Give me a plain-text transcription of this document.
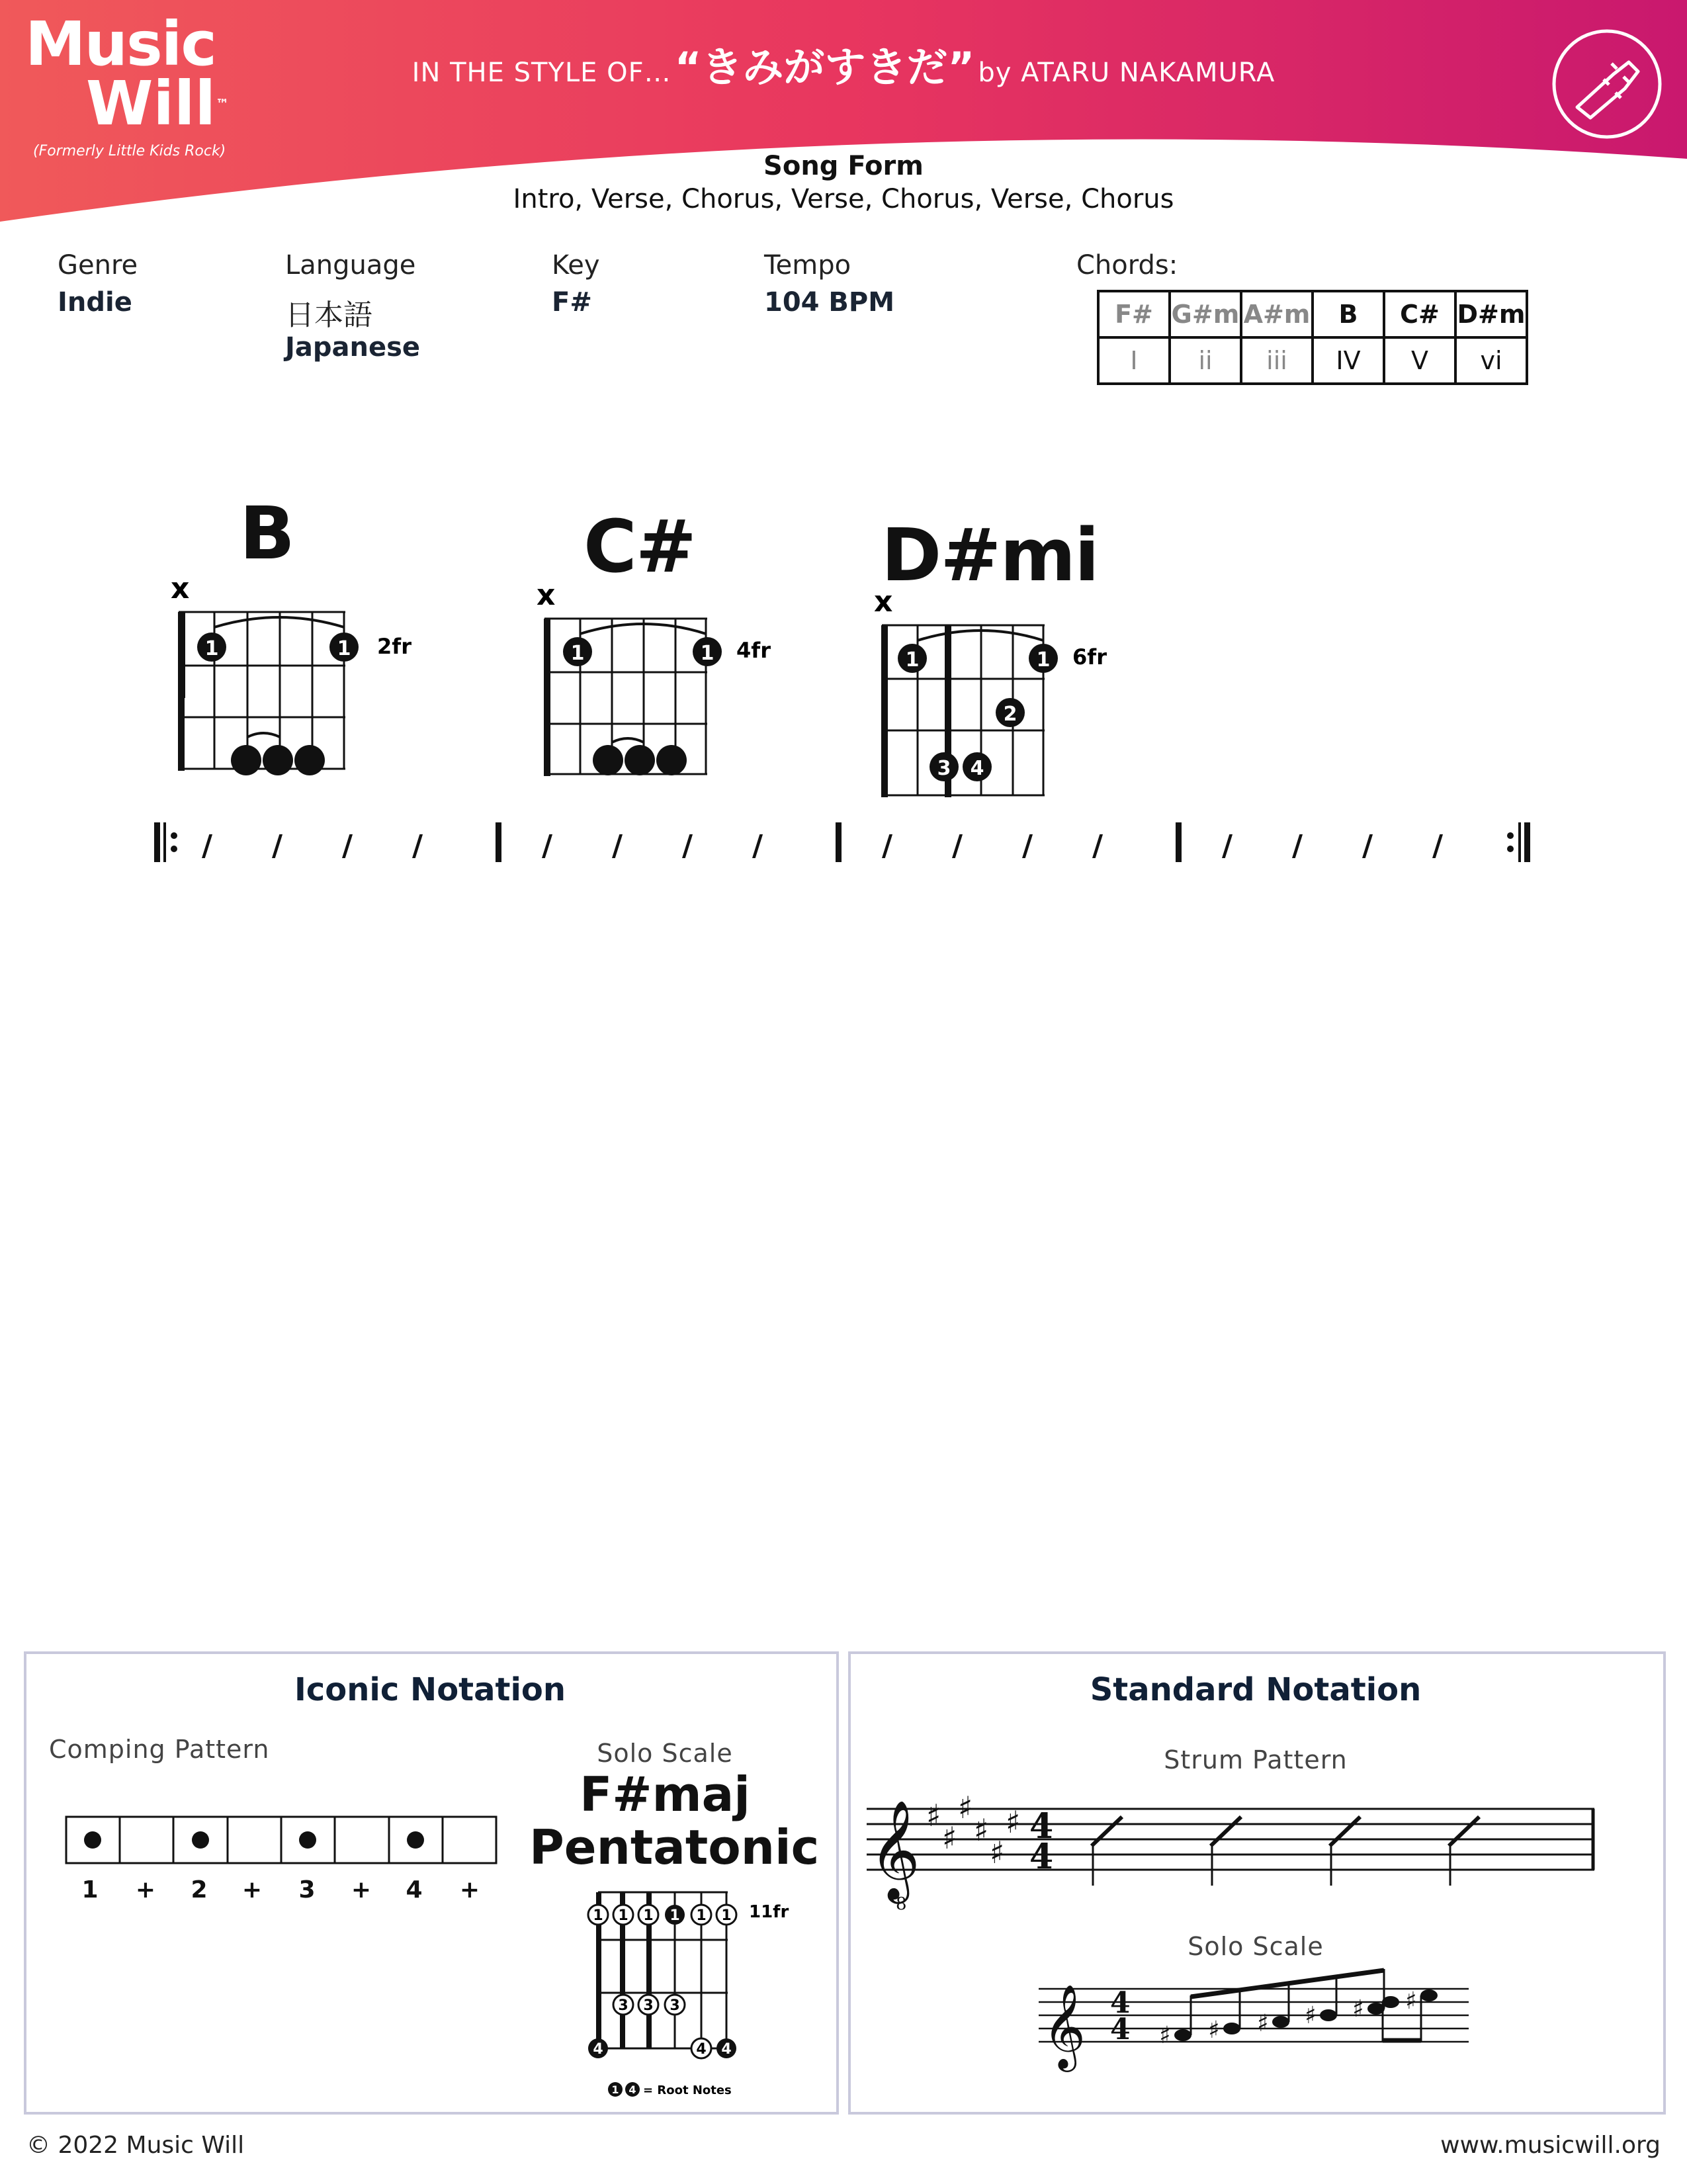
Music
Will™
(Formerly Little Kids Rock)
IN THE STYLE OF… “きみがすきだ” by ATARU NAKAMURA
Song Form
Intro, Verse, Chorus, Verse, Chorus, Verse, Chorus
Genre
Indie
Language
日本語
Japanese
Key
F#
Tempo
104 BPM
Chords:
F#	G#m	A#m	B	C#	D#m
I	ii	iii	IV	V	vi
B	C#	D#mi
x
1	1 2fr
x
1	1 4fr
x
1	1
2
3 4
6fr
/ / / /	/ / / /	/ / / /	/ / / /
Iconic Notation
Comping Pattern
1 + 2 + 3 + 4 +
Solo Scale
F#maj
Pentatonic
1 1 1 1 1 1
3 3 3
4	4 4
11fr
1 4 = Root Notes
Standard Notation
Strum Pattern
𝄞
8
♯
♯
♯
♯
♯
♯ 4
4
Solo Scale
𝄞 4
4 ♯ ♯ ♯ ♯ ♯ ♯
© 2022 Music Will	www.musicwill.org
